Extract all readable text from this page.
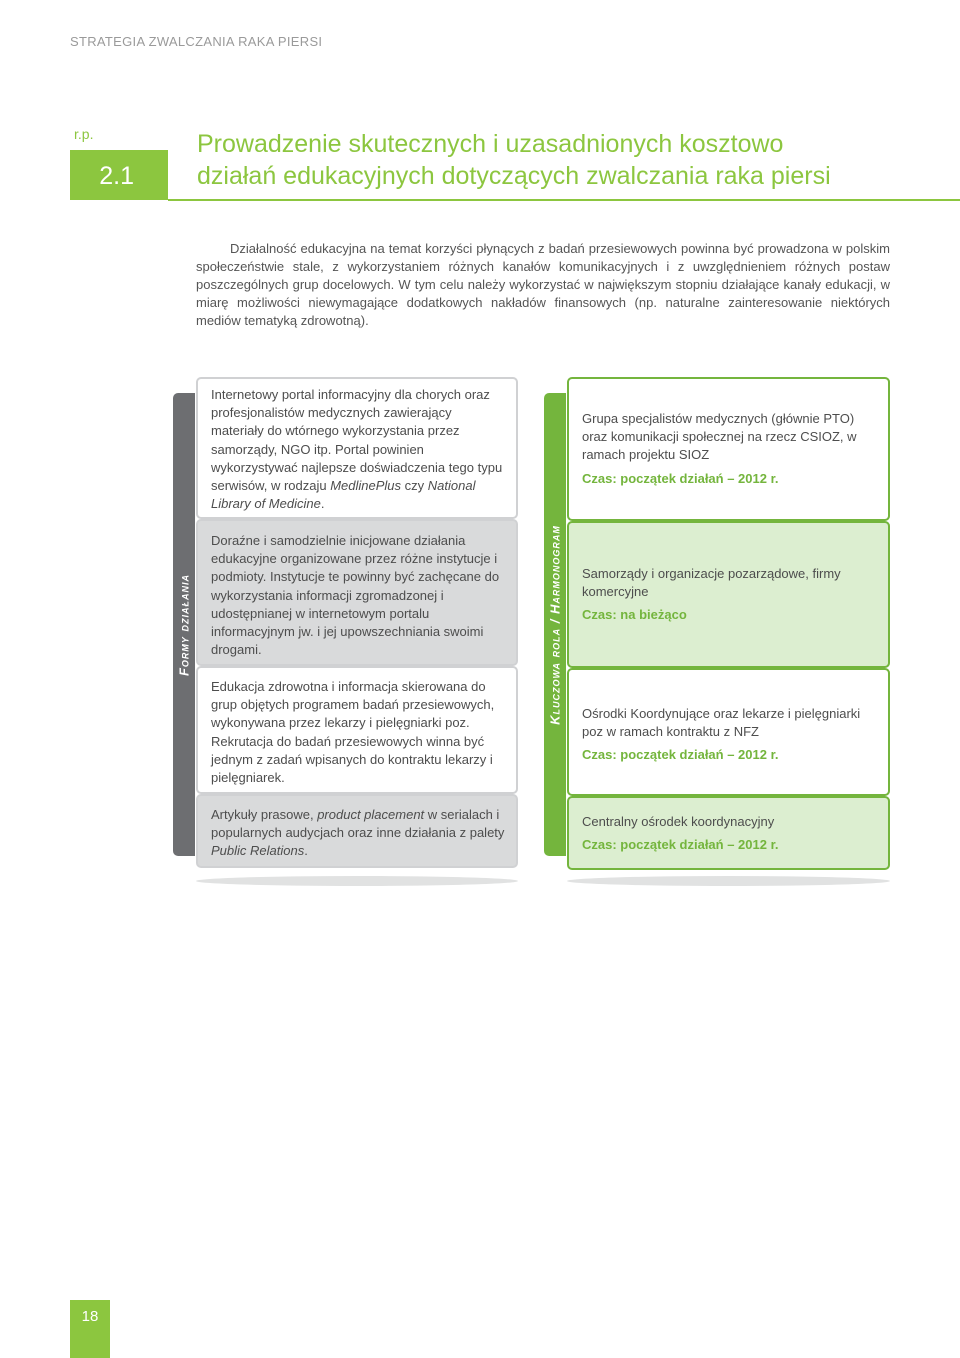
STRATEGIA ZWALCZANIA RAKA PIERSI
r.p.
2.1
Prowadzenie skutecznych i uzasadnionych kosztowo
działań edukacyjnych dotyczących zwalczania raka piersi

Działalność edukacyjna na temat korzyści płynących z badań przesiewowych powinna być prowadzona w polskim społeczeństwie stale, z wykorzystaniem różnych kanałów komunikacyjnych i z uwzględnieniem różnych postaw poszczególnych grup docelowych. W tym celu należy wykorzystać w największym stopniu działające kanały edukacji, w miarę możliwości niewymagające dodatkowych nakładów finansowych (np. naturalne zainteresowanie niektórych mediów tematyką zdrowotną).

Formy działania

Internetowy portal informacyjny dla chorych oraz profesjonalistów medycznych zawierający materiały do wtórnego wykorzystania przez samorządy, NGO itp. Portal powinien wykorzystywać najlepsze doświadczenia tego typu serwisów, w rodzaju MedlinePlus czy National Library of Medicine.

Doraźne i samodzielnie inicjowane działania edukacyjne organizowane przez różne instytucje i podmioty. Instytucje te powinny być zachęcane do wykorzystania informacji zgromadzonej i udostępnianej w internetowym portalu informacyjnym jw. i jej upowszechniania swoimi drogami.

Edukacja zdrowotna i informacja skierowana do grup objętych programem badań przesiewowych, wykonywana przez lekarzy i pielęgniarki poz. Rekrutacja do badań przesiewowych winna być jednym z zadań wpisanych do kontraktu lekarzy i pielęgniarek.

Artykuły prasowe, product placement w serialach i popularnych audycjach oraz inne działania z palety Public Relations.

Kluczowa rola / Harmonogram

Grupa specjalistów medycznych (głównie PTO) oraz komunikacji społecznej na rzecz CSIOZ, w ramach projektu SIOZ

Czas: początek działań – 2012 r.

Samorządy i organizacje pozarządowe, firmy komercyjne

Czas: na bieżąco

Ośrodki Koordynujące oraz lekarze i pielęgniarki poz w ramach kontraktu z NFZ

Czas: początek działań – 2012 r.

Centralny ośrodek koordynacyjny

Czas: początek działań – 2012 r.

18
